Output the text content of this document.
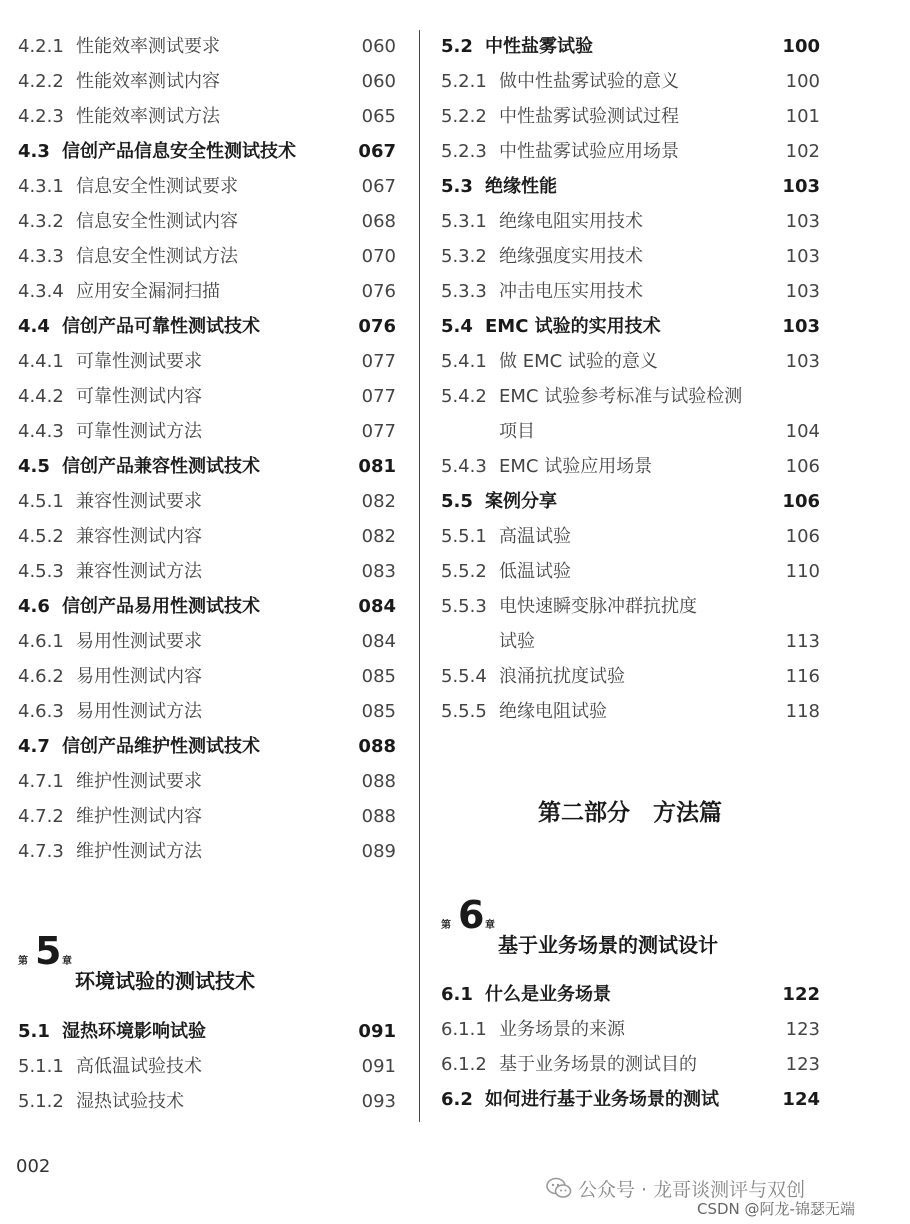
4.2.1 性能效率测试要求	060
4.2.2 性能效率测试内容	060
4.2.3 性能效率测试方法	065
4.3 信创产品信息安全性测试技术	067
4.3.1 信息安全性测试要求	067
4.3.2 信息安全性测试内容	068
4.3.3 信息安全性测试方法	070
4.3.4 应用安全漏洞扫描	076
4.4 信创产品可靠性测试技术	076
4.4.1 可靠性测试要求	077
4.4.2 可靠性测试内容	077
4.4.3 可靠性测试方法	077
4.5 信创产品兼容性测试技术	081
4.5.1 兼容性测试要求	082
4.5.2 兼容性测试内容	082
4.5.3 兼容性测试方法	083
4.6 信创产品易用性测试技术	084
4.6.1 易用性测试要求	084
4.6.2 易用性测试内容	085
4.6.3 易用性测试方法	085
4.7 信创产品维护性测试技术	088
4.7.1 维护性测试要求	088
4.7.2 维护性测试内容	088
4.7.3 维护性测试方法	089
第 5 章
环境试验的测试技术
5.1 湿热环境影响试验	091
5.1.1 高低温试验技术	091
5.1.2 湿热试验技术	093
5.2 中性盐雾试验	100
5.2.1 做中性盐雾试验的意义	100
5.2.2 中性盐雾试验测试过程	101
5.2.3 中性盐雾试验应用场景	102
5.3 绝缘性能	103
5.3.1 绝缘电阻实用技术	103
5.3.2 绝缘强度实用技术	103
5.3.3 冲击电压实用技术	103
5.4 EMC 试验的实用技术	103
5.4.1 做 EMC 试验的意义	103
5.4.2 EMC 试验参考标准与试验检测
项目	104
5.4.3 EMC 试验应用场景	106
5.5 案例分享	106
5.5.1 高温试验	106
5.5.2 低温试验	110
5.5.3 电快速瞬变脉冲群抗扰度
试验	113
5.5.4 浪涌抗扰度试验	116
5.5.5 绝缘电阻试验	118
第二部分　方法篇
第 6 章
基于业务场景的测试设计
6.1 什么是业务场景	122
6.1.1 业务场景的来源	123
6.1.2 基于业务场景的测试目的	123
6.2 如何进行基于业务场景的测试	124
002
公众号 · 龙哥谈测评与双创
CSDN @阿龙-锦瑟无端
